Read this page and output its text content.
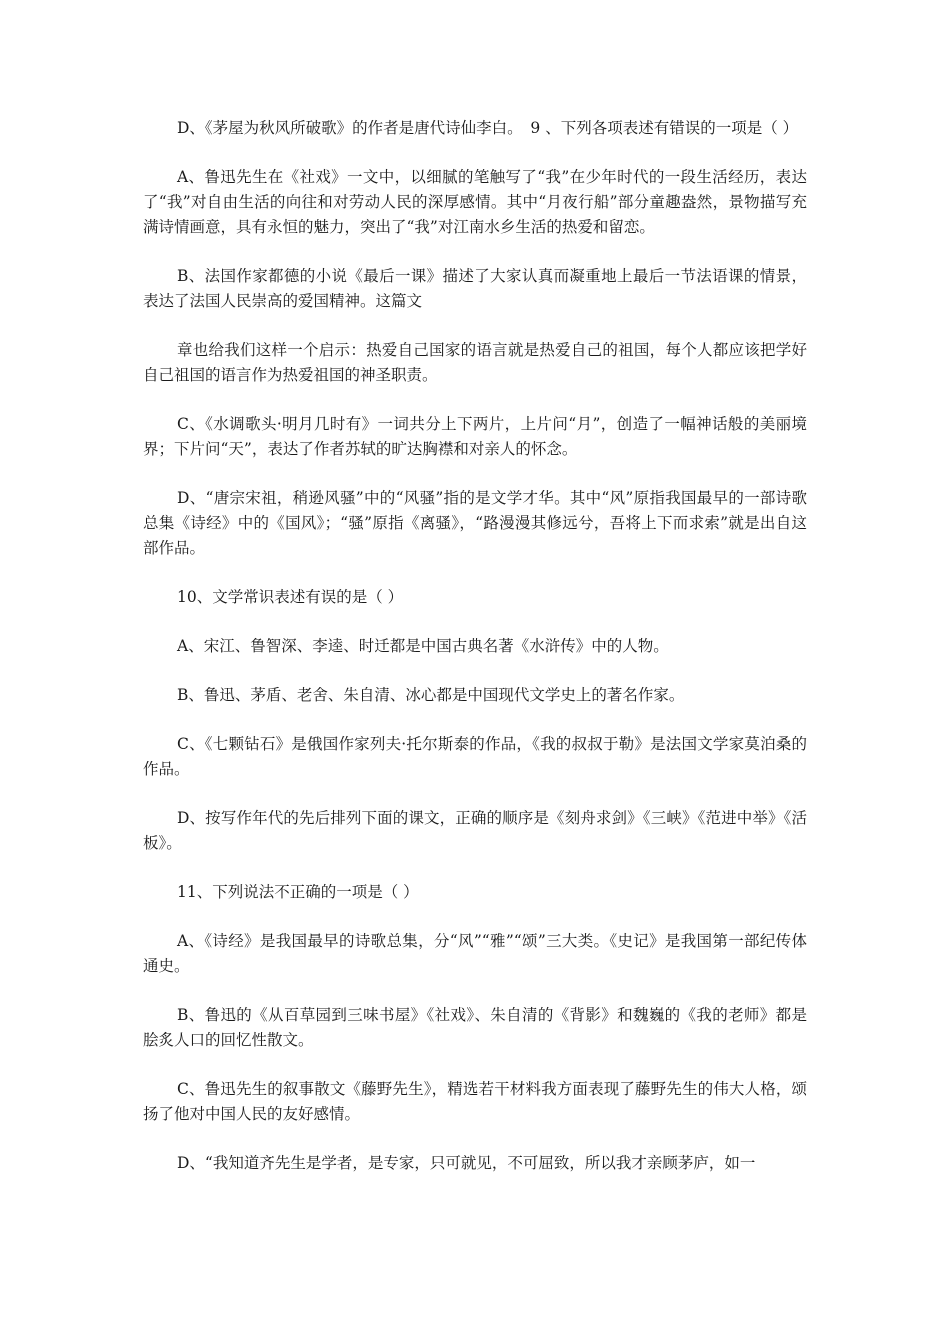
D、《茅屋为秋风所破歌》的作者是唐代诗仙李白。　9 、下列各项表述有错误的一项是（ ）

A、鲁迅先生在《社戏》一文中，以细腻的笔触写了“我”在少年时代的一段生活经历，表达了“我”对自由生活的向往和对劳动人民的深厚感情。其中“月夜行船”部分童趣盎然，景物描写充满诗情画意，具有永恒的魅力，突出了“我”对江南水乡生活的热爱和留恋。

B、法国作家都德的小说《最后一课》描述了大家认真而凝重地上最后一节法语课的情景，表达了法国人民崇高的爱国精神。这篇文

章也给我们这样一个启示：热爱自己国家的语言就是热爱自己的祖国，每个人都应该把学好自己祖国的语言作为热爱祖国的神圣职责。

C、《水调歌头·明月几时有》一词共分上下两片，上片问“月”，创造了一幅神话般的美丽境界；下片问“天”，表达了作者苏轼的旷达胸襟和对亲人的怀念。

D、“唐宗宋祖，稍逊风骚”中的“风骚”指的是文学才华。其中“风”原指我国最早的一部诗歌总集《诗经》中的《国风》；“骚”原指《离骚》，“路漫漫其修远兮，吾将上下而求索”就是出自这部作品。

10、文学常识表述有误的是（ ）

A、宋江、鲁智深、李逵、时迁都是中国古典名著《水浒传》中的人物。

B、鲁迅、茅盾、老舍、朱自清、冰心都是中国现代文学史上的著名作家。

C、《七颗钻石》是俄国作家列夫·托尔斯泰的作品，《我的叔叔于勒》是法国文学家莫泊桑的作品。

D、按写作年代的先后排列下面的课文，正确的顺序是《刻舟求剑》《三峡》《范进中举》《活板》。

11、下列说法不正确的一项是（ ）

A、《诗经》是我国最早的诗歌总集，分“风”“雅”“颂”三大类。《史记》是我国第一部纪传体通史。

B、鲁迅的《从百草园到三味书屋》《社戏》、朱自清的《背影》和魏巍的《我的老师》都是脍炙人口的回忆性散文。

C、鲁迅先生的叙事散文《藤野先生》，精选若干材料我方面表现了藤野先生的伟大人格，颂扬了他对中国人民的友好感情。

D、“我知道齐先生是学者，是专家，只可就见，不可屈致，所以我才亲顾茅庐，如一
